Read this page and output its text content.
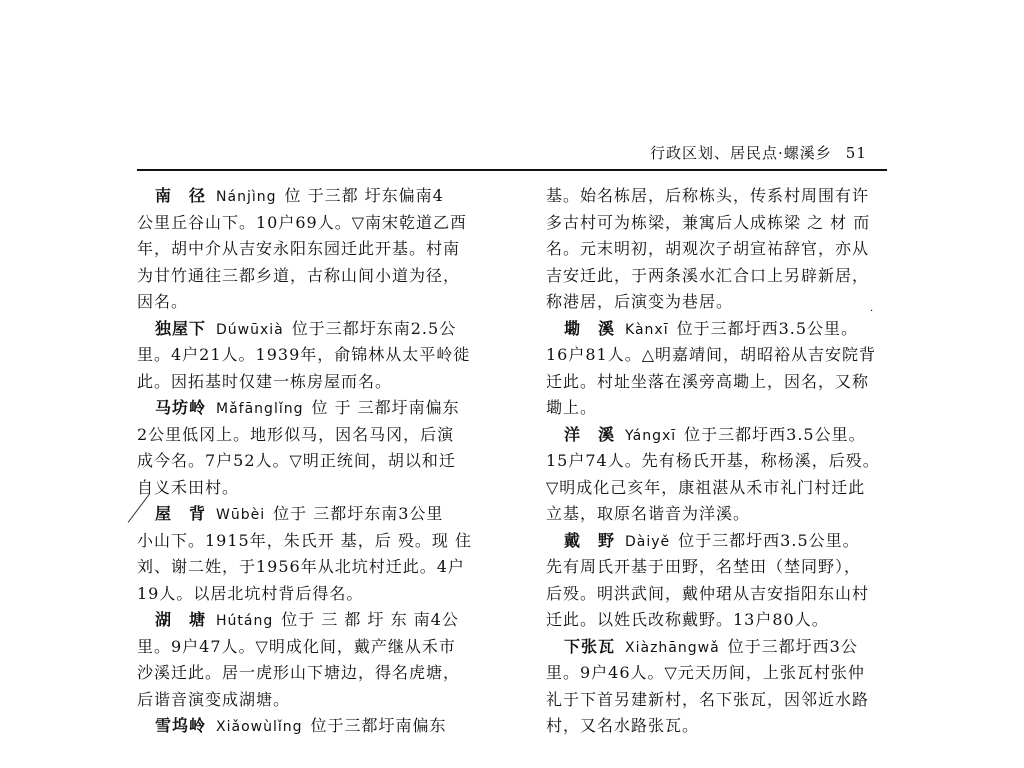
行政区划、居民点·螺溪乡 51
南　径 Nánjìng 位 于三都 圩东偏南4
公里丘谷山下。10户69人。▽南宋乾道乙酉
年，胡中介从吉安永阳东园迁此开基。村南
为甘竹通往三都乡道，古称山间小道为径，
因名。
独屋下 Dúwūxià 位于三都圩东南2.5公
里。4户21人。1939年，俞锦林从太平岭徙
此。因拓基时仅建一栋房屋而名。
马坊岭 Mǎfānglǐng 位 于 三都圩南偏东
2公里低冈上。地形似马，因名马冈，后演
成今名。7户52人。▽明正统间，胡以和迁
自义禾田村。
屋　背 Wūbèi 位于 三都圩东南3公里
小山下。1915年，朱氏开 基，后 殁。现 住
刘、谢二姓，于1956年从北坑村迁此。4户
19人。以居北坑村背后得名。
湖　塘 Hútáng 位于 三 都 圩 东 南4公
里。9户47人。▽明成化间，戴产继从禾市
沙溪迁此。居一虎形山下塘边，得名虎塘，
后谐音演变成湖塘。
雪坞岭 Xiǎowùlǐng 位于三都圩南偏东
基。始名栋居，后称栋头，传系村周围有许
多古村可为栋梁，兼寓后人成栋梁 之 材 而
名。元末明初，胡观次子胡宣祐辞官，亦从
吉安迁此，于两条溪水汇合口上另辟新居，
称港居，后演变为巷居。
墈　溪 Kànxī 位于三都圩西3.5公里。
16户81人。△明嘉靖间，胡昭裕从吉安院背
迁此。村址坐落在溪旁高墈上，因名，又称
墈上。
洋　溪 Yángxī 位于三都圩西3.5公里。
15户74人。先有杨氏开基，称杨溪，后殁。
▽明成化己亥年，康祖湛从禾市礼门村迁此
立基，取原名谐音为洋溪。
戴　野 Dàiyě 位于三都圩西3.5公里。
先有周氏开基于田野，名埜田（埜同野），
后殁。明洪武间，戴仲珺从吉安指阳东山村
迁此。以姓氏改称戴野。13户80人。
下张瓦 Xiàzhāngwǎ 位于三都圩西3公
里。9户46人。▽元天历间，上张瓦村张仲
礼于下首另建新村，名下张瓦，因邻近水路
村，又名水路张瓦。
·
